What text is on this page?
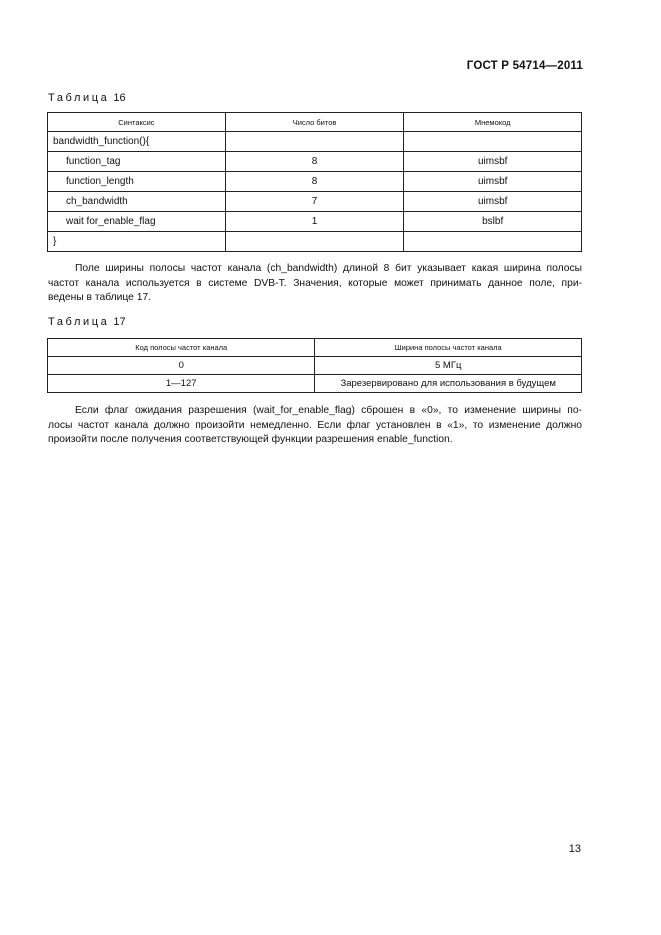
ГОСТ Р 54714—2011
Таблица 16
Синтаксис	Число битов	Мнемокод
bandwidth_function(){		
function_tag	8	uimsbf
function_length	8	uimsbf
ch_bandwidth	7	uimsbf
wait for_enable_flag	1	bslbf
}		
Поле ширины полосы частот канала (ch_bandwidth) длиной 8 бит указывает какая ширина полосы
частот канала используется в системе DVB-T. Значения, которые может принимать данное поле, при-
ведены в таблице 17.
Таблица 17
Код полосы частот канала	Ширина полосы частот канала
0	5 МГц
1—127	Зарезервировано для использования в будущем
Если флаг ожидания разрешения (wait_for_enable_flag) сброшен в «0», то изменение ширины по-
лосы частот канала должно произойти немедленно. Если флаг установлен в «1», то изменение должно
произойти после получения соответствующей функции разрешения enable_function.
13
